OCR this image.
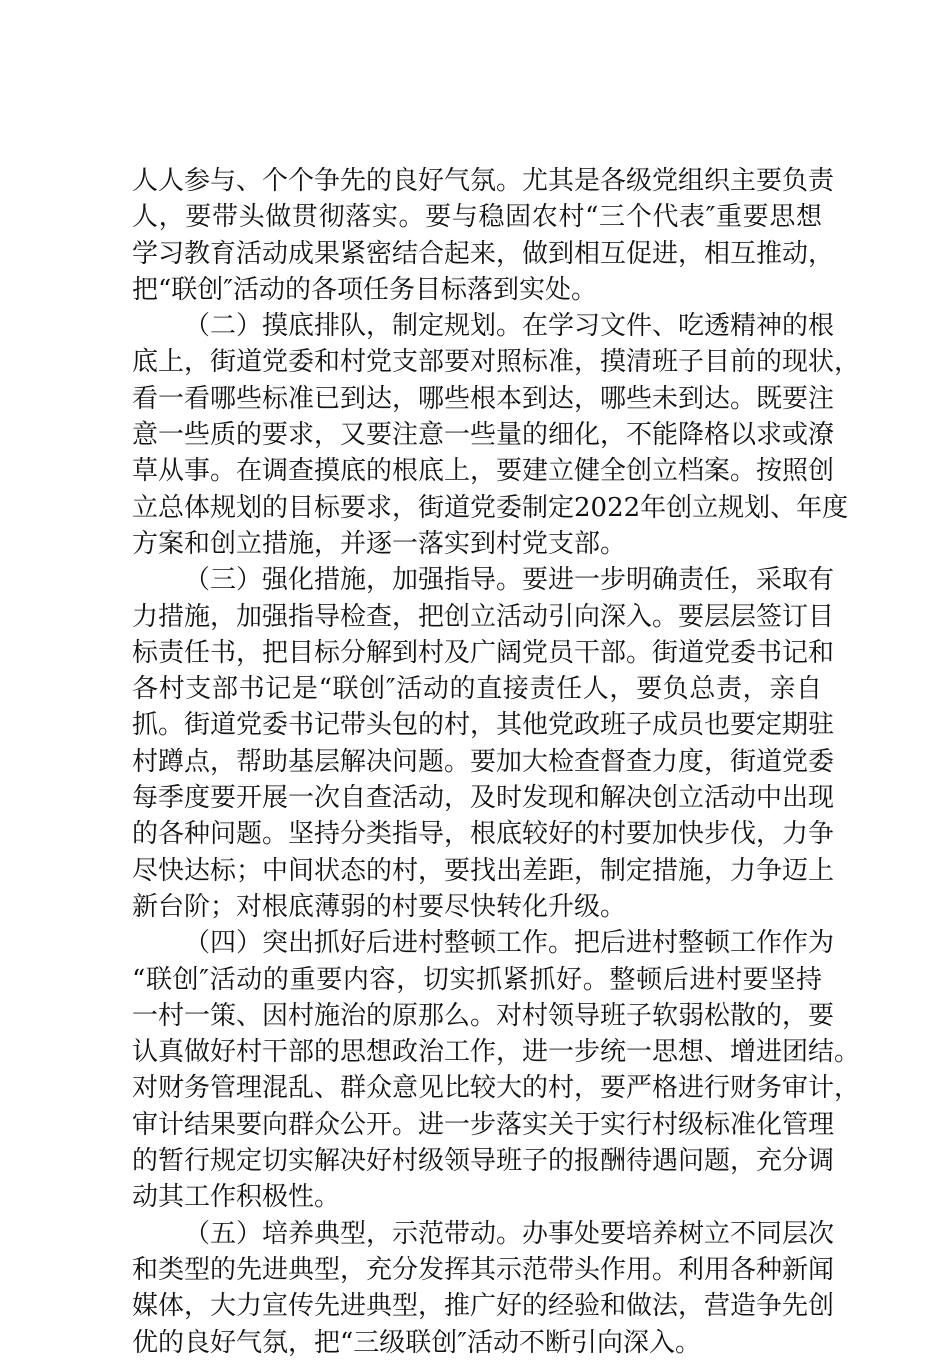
人人参与、个个争先的良好气氛。尤其是各级党组织主要负责
人，要带头做贯彻落实。要与稳固农村“三个代表″重要思想
学习教育活动成果紧密结合起来，做到相互促进，相互推动，
把“联创″活动的各项任务目标落到实处。
（二）摸底排队，制定规划。在学习文件、吃透精神的根
底上，街道党委和村党支部要对照标准，摸清班子目前的现状，
看一看哪些标准已到达，哪些根本到达，哪些未到达。既要注
意一些质的要求，又要注意一些量的细化，不能降格以求或潦
草从事。在调查摸底的根底上，要建立健全创立档案。按照创
立总体规划的目标要求，街道党委制定2022年创立规划、年度
方案和创立措施，并逐一落实到村党支部。
（三）强化措施，加强指导。要进一步明确责任，采取有
力措施，加强指导检查，把创立活动引向深入。要层层签订目
标责任书，把目标分解到村及广阔党员干部。街道党委书记和
各村支部书记是“联创″活动的直接责任人，要负总责，亲自
抓。街道党委书记带头包的村，其他党政班子成员也要定期驻
村蹲点，帮助基层解决问题。要加大检查督查力度，街道党委
每季度要开展一次自查活动，及时发现和解决创立活动中出现
的各种问题。坚持分类指导，根底较好的村要加快步伐，力争
尽快达标；中间状态的村，要找出差距，制定措施，力争迈上
新台阶；对根底薄弱的村要尽快转化升级。
（四）突出抓好后进村整顿工作。把后进村整顿工作作为
“联创″活动的重要内容，切实抓紧抓好。整顿后进村要坚持
一村一策、因村施治的原那么。对村领导班子软弱松散的，要
认真做好村干部的思想政治工作，进一步统一思想、增进团结。
对财务管理混乱、群众意见比较大的村，要严格进行财务审计，
审计结果要向群众公开。进一步落实关于实行村级标准化管理
的暂行规定切实解决好村级领导班子的报酬待遇问题，充分调
动其工作积极性。
（五）培养典型，示范带动。办事处要培养树立不同层次
和类型的先进典型，充分发挥其示范带头作用。利用各种新闻
媒体，大力宣传先进典型，推广好的经验和做法，营造争先创
优的良好气氛，把“三级联创″活动不断引向深入。
